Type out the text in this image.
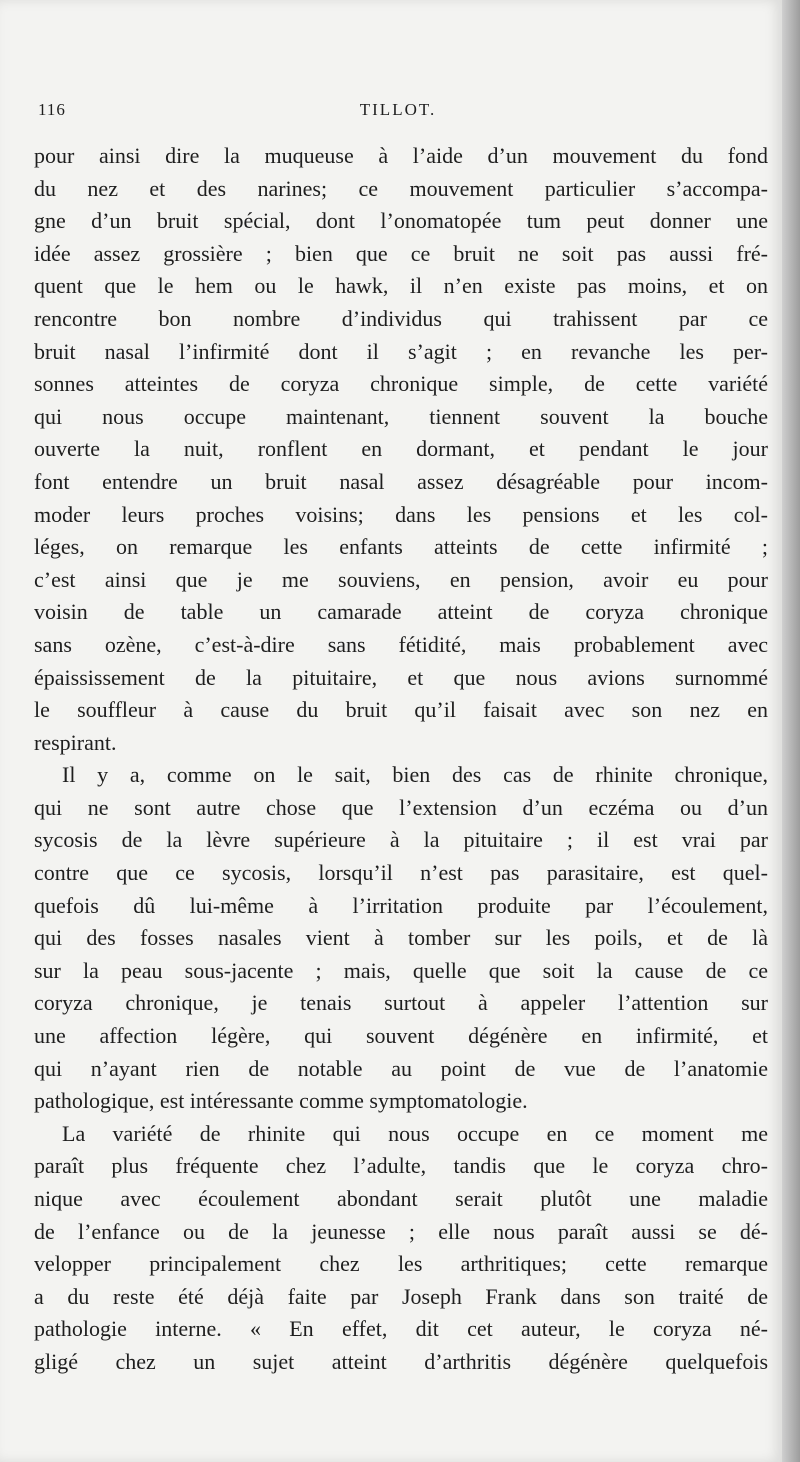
116	TILLOT.
pour ainsi dire la muqueuse à l’aide d’un mouvement du fond
du nez et des narines; ce mouvement particulier s’accompa-
gne d’un bruit spécial, dont l’onomatopée tum peut donner une
idée assez grossière ; bien que ce bruit ne soit pas aussi fré-
quent que le hem ou le hawk, il n’en existe pas moins, et on
rencontre bon nombre d’individus qui trahissent par ce
bruit nasal l’infirmité dont il s’agit ; en revanche les per-
sonnes atteintes de coryza chronique simple, de cette variété
qui nous occupe maintenant, tiennent souvent la bouche
ouverte la nuit, ronflent en dormant, et pendant le jour
font entendre un bruit nasal assez désagréable pour incom-
moder leurs proches voisins; dans les pensions et les col-
léges, on remarque les enfants atteints de cette infirmité ;
c’est ainsi que je me souviens, en pension, avoir eu pour
voisin de table un camarade atteint de coryza chronique
sans ozène, c’est-à-dire sans fétidité, mais probablement avec
épaississement de la pituitaire, et que nous avions surnommé
le souffleur à cause du bruit qu’il faisait avec son nez en
respirant.
Il y a, comme on le sait, bien des cas de rhinite chronique,
qui ne sont autre chose que l’extension d’un eczéma ou d’un
sycosis de la lèvre supérieure à la pituitaire ; il est vrai par
contre que ce sycosis, lorsqu’il n’est pas parasitaire, est quel-
quefois dû lui-même à l’irritation produite par l’écoulement,
qui des fosses nasales vient à tomber sur les poils, et de là
sur la peau sous-jacente ; mais, quelle que soit la cause de ce
coryza chronique, je tenais surtout à appeler l’attention sur
une affection légère, qui souvent dégénère en infirmité, et
qui n’ayant rien de notable au point de vue de l’anatomie
pathologique, est intéressante comme symptomatologie.
La variété de rhinite qui nous occupe en ce moment me
paraît plus fréquente chez l’adulte, tandis que le coryza chro-
nique avec écoulement abondant serait plutôt une maladie
de l’enfance ou de la jeunesse ; elle nous paraît aussi se dé-
velopper principalement chez les arthritiques; cette remarque
a du reste été déjà faite par Joseph Frank dans son traité de
pathologie interne. « En effet, dit cet auteur, le coryza né-
gligé chez un sujet atteint d’arthritis dégénère quelquefois
